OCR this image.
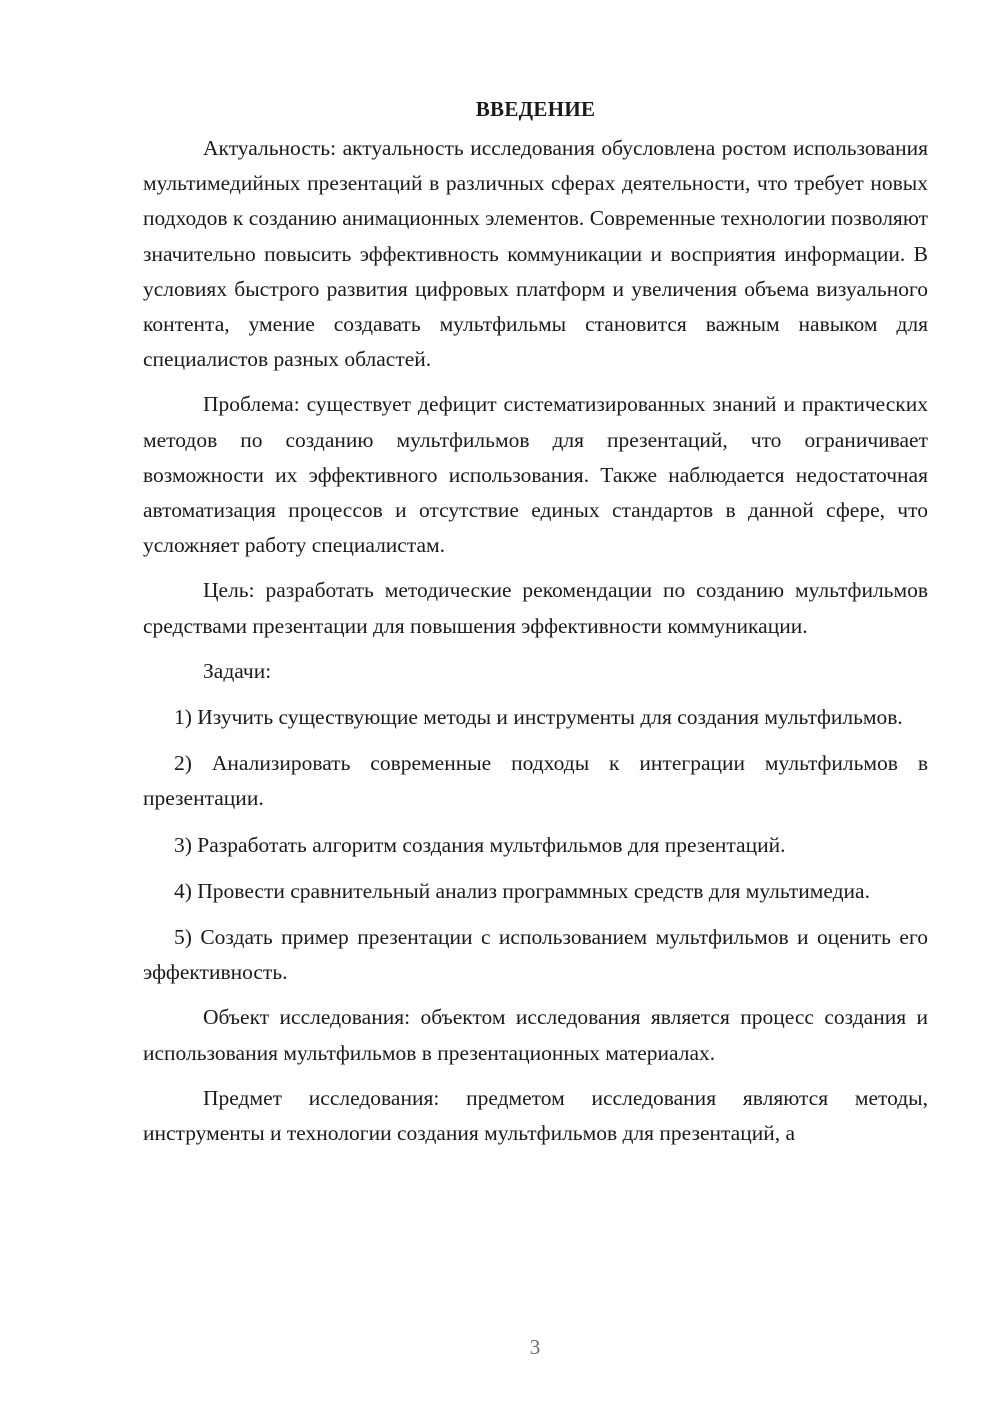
ВВЕДЕНИЕ

Актуальность: актуальность исследования обусловлена ростом использования мультимедийных презентаций в различных сферах деятельности, что требует новых подходов к созданию анимационных элементов. Современные технологии позволяют значительно повысить эффективность коммуникации и восприятия информации. В условиях быстрого развития цифровых платформ и увеличения объема визуального контента, умение создавать мультфильмы становится важным навыком для специалистов разных областей.

Проблема: существует дефицит систематизированных знаний и практических методов по созданию мультфильмов для презентаций, что ограничивает возможности их эффективного использования. Также наблюдается недостаточная автоматизация процессов и отсутствие единых стандартов в данной сфере, что усложняет работу специалистам.

Цель: разработать методические рекомендации по созданию мультфильмов средствами презентации для повышения эффективности коммуникации.

Задачи:

1) Изучить существующие методы и инструменты для создания мультфильмов.

2) Анализировать современные подходы к интеграции мультфильмов в презентации.

3) Разработать алгоритм создания мультфильмов для презентаций.

4) Провести сравнительный анализ программных средств для мультимедиа.

5) Создать пример презентации с использованием мультфильмов и оценить его эффективность.

Объект исследования: объектом исследования является процесс создания и использования мультфильмов в презентационных материалах.

Предмет исследования: предметом исследования являются методы, инструменты и технологии создания мультфильмов для презентаций, а

3
